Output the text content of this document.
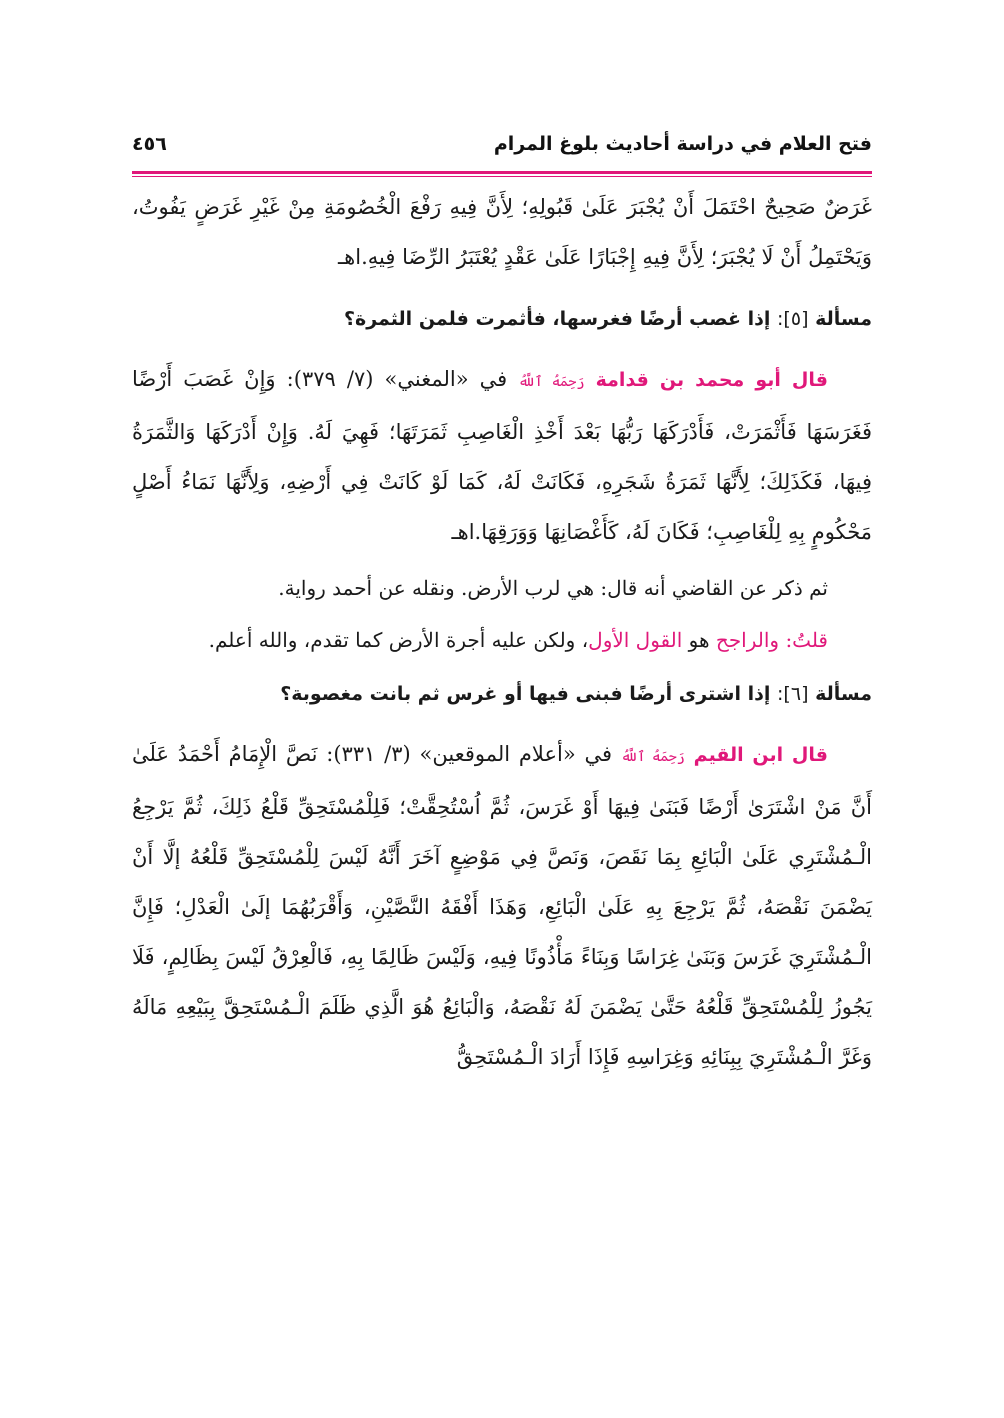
فتح العلام في دراسة أحاديث بلوغ المرام
٤٥٦

غَرَضٌ صَحِيحٌ احْتَمَلَ أَنْ يُجْبَرَ عَلَىٰ قَبُولِهِ؛ لِأَنَّ فِيهِ رَفْعَ الْخُصُومَةِ مِنْ غَيْرِ غَرَضٍ يَفُوتُ، وَيَحْتَمِلُ أَنْ لَا يُجْبَرَ؛ لِأَنَّ فِيهِ إِجْبَارًا عَلَىٰ عَقْدٍ يُعْتَبَرُ الرِّضَا فِيهِ.اهـ

مسألة [٥]: إذا غصب أرضًا فغرسها، فأثمرت فلمن الثمرة؟

قال أبو محمد بن قدامة رَحِمَهُ ٱللَّهُ في «المغني» (٧/ ٣٧٩): وَإِنْ غَصَبَ أَرْضًا فَغَرَسَهَا فَأَثْمَرَتْ، فَأَدْرَكَهَا رَبُّهَا بَعْدَ أَخْذِ الْغَاصِبِ ثَمَرَتَهَا؛ فَهِيَ لَهُ. وَإِنْ أَدْرَكَهَا وَالثَّمَرَةُ فِيهَا، فَكَذَلِكَ؛ لِأَنَّهَا ثَمَرَةُ شَجَرِهِ، فَكَانَتْ لَهُ، كَمَا لَوْ كَانَتْ فِي أَرْضِهِ، وَلِأَنَّهَا نَمَاءُ أَصْلٍ مَحْكُومٍ بِهِ لِلْغَاصِبِ؛ فَكَانَ لَهُ، كَأَغْصَانِهَا وَوَرَقِهَا.اهـ

ثم ذكر عن القاضي أنه قال: هي لرب الأرض. ونقله عن أحمد رواية.

قلتُ: والراجح هو القول الأول، ولكن عليه أجرة الأرض كما تقدم، والله أعلم.

مسألة [٦]: إذا اشترى أرضًا فبنى فيها أو غرس ثم بانت مغصوبة؟

قال ابن القيم رَحِمَهُ ٱللَّهُ في «أعلام الموقعين» (٣/ ٣٣١): نَصَّ الْإِمَامُ أَحْمَدُ عَلَىٰ أَنَّ مَنْ اشْتَرَىٰ أَرْضًا فَبَنَىٰ فِيهَا أَوْ غَرَسَ، ثُمَّ اُسْتُحِقَّتْ؛ فَلِلْمُسْتَحِقِّ قَلْعُ ذَلِكَ، ثُمَّ يَرْجِعُ الْـمُشْتَرِي عَلَىٰ الْبَائِعِ بِمَا نَقَصَ، وَنَصَّ فِي مَوْضِعٍ آخَرَ أَنَّهُ لَيْسَ لِلْمُسْتَحِقِّ قَلْعُهُ إلَّا أَنْ يَضْمَنَ نَقْصَهُ، ثُمَّ يَرْجِعَ بِهِ عَلَىٰ الْبَائِعِ، وَهَذَا أَفْقَهُ النَّصَّيْنِ، وَأَقْرَبُهُمَا إلَىٰ الْعَدْلِ؛ فَإِنَّ الْـمُشْتَرِيَ غَرَسَ وَبَنَىٰ غِرَاسًا وَبِنَاءً مَأْذُونًا فِيهِ، وَلَيْسَ ظَالِمًا بِهِ، فَالْعِرْقُ لَيْسَ بِظَالِمٍ، فَلَا يَجُوزُ لِلْمُسْتَحِقِّ قَلْعُهُ حَتَّىٰ يَضْمَنَ لَهُ نَقْصَهُ، وَالْبَائِعُ هُوَ الَّذِي ظَلَمَ الْـمُسْتَحِقَّ بِبَيْعِهِ مَالَهُ وَغَرَّ الْـمُشْتَرِيَ بِبِنَائِهِ وَغِرَاسِهِ فَإِذَا أَرَادَ الْـمُسْتَحِقُّ
